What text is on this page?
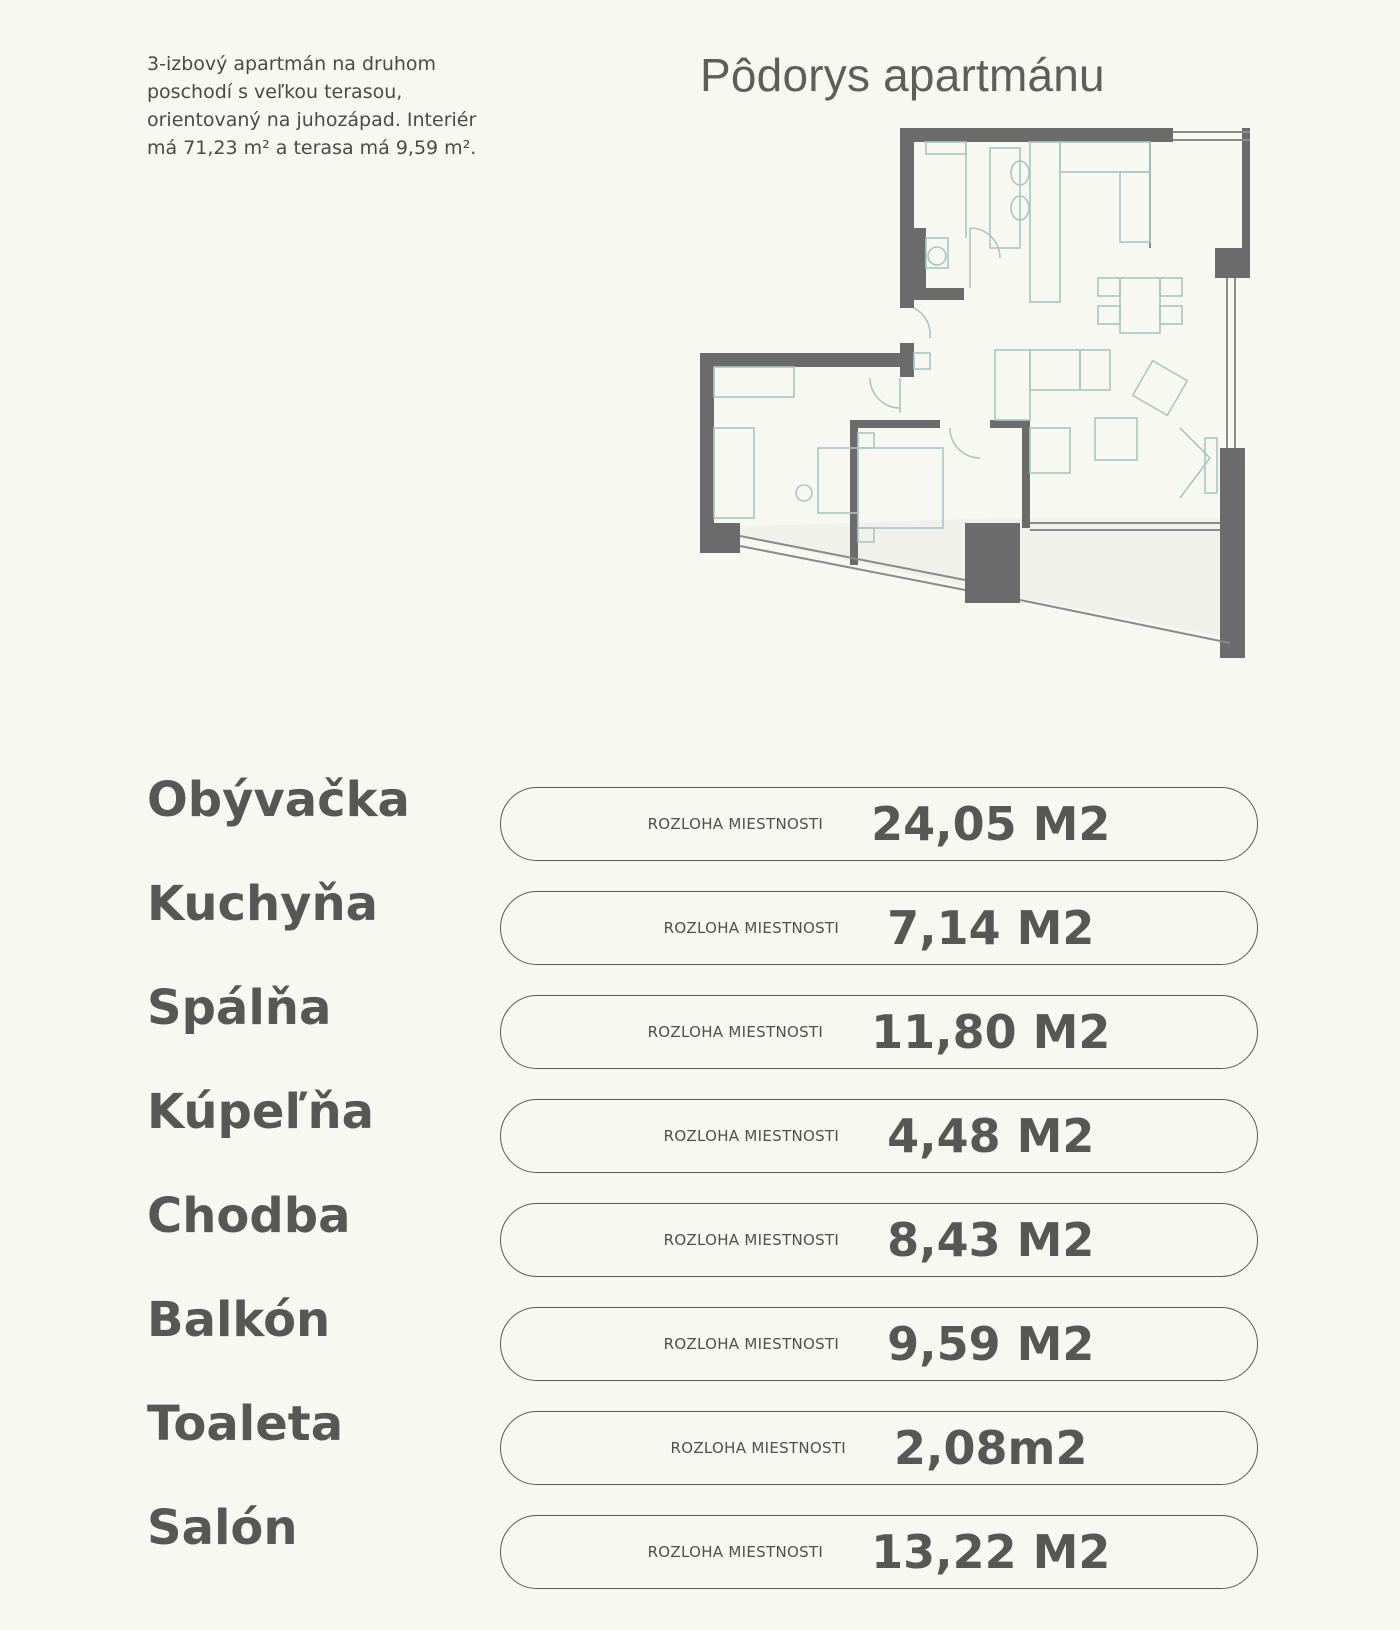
3-izbový apartmán na druhom poschodí s veľkou terasou, orientovaný na juhozápad. Interiér má 71,23 m² a terasa má 9,59 m².

Pôdorys apartmánu
Obývačka	ROZLOHA MIESTNOSTI 24,05 M2
Kuchyňa	ROZLOHA MIESTNOSTI 7,14 M2
Spálňa	ROZLOHA MIESTNOSTI 11,80 M2
Kúpeľňa	ROZLOHA MIESTNOSTI 4,48 M2
Chodba	ROZLOHA MIESTNOSTI 8,43 M2
Balkón	ROZLOHA MIESTNOSTI 9,59 M2
Toaleta	ROZLOHA MIESTNOSTI 2,08m2
Salón	ROZLOHA MIESTNOSTI 13,22 M2
